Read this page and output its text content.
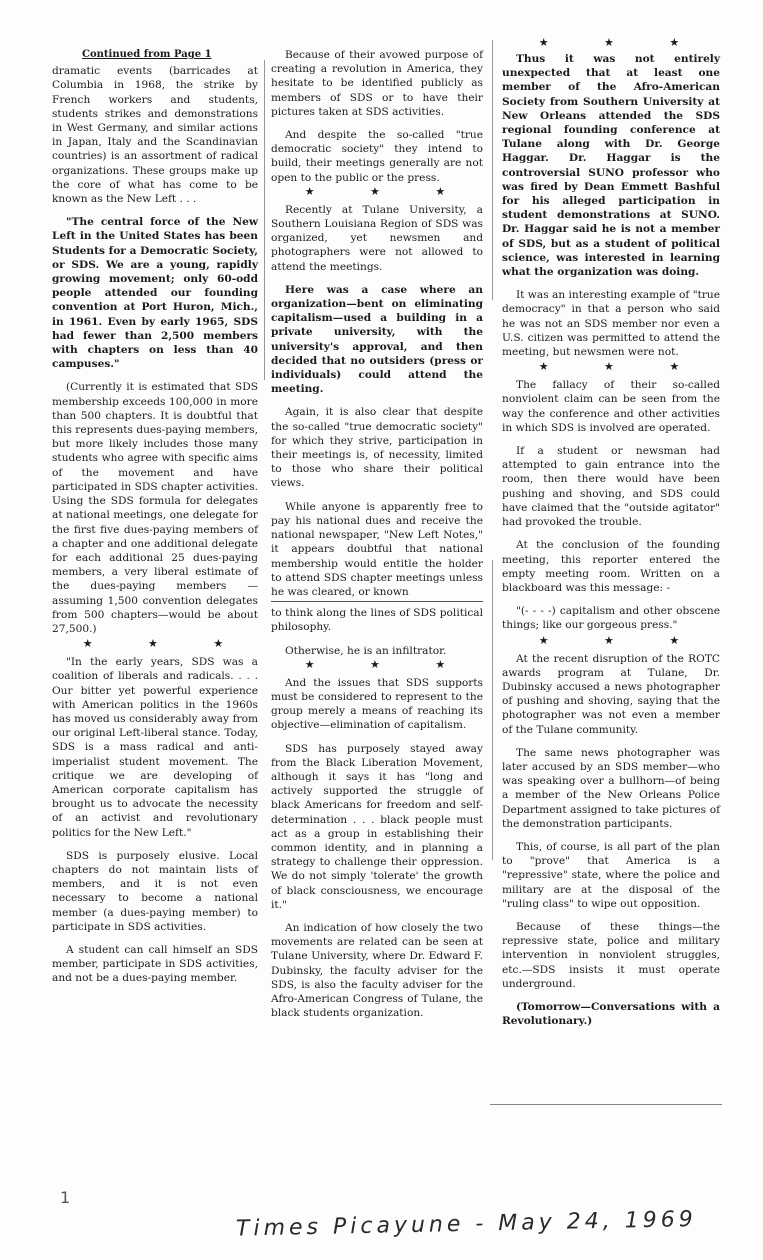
Continued from Page 1

dramatic events (barricades at Columbia in 1968, the strike by French workers and students, students strikes and demonstrations in West Germany, and similar actions in Japan, Italy and the Scandinavian countries) is an assortment of radical organizations. These groups make up the core of what has come to be known as the New Left . . .

"The central force of the New Left in the United States has been Students for a Democratic Society, or SDS. We are a young, rapidly growing movement; only 60-odd people attended our founding convention at Port Huron, Mich., in 1961. Even by early 1965, SDS had fewer than 2,500 members with chapters on less than 40 campuses."

(Currently it is estimated that SDS membership exceeds 100,000 in more than 500 chapters. It is doubtful that this represents dues-paying members, but more likely includes those many students who agree with specific aims of the movement and have participated in SDS chapter activities. Using the SDS formula for delegates at national meetings, one delegate for the first five dues-paying members of a chapter and one additional delegate for each additional 25 dues-paying members, a very liberal estimate of the dues-paying members — assuming 1,500 convention delegates from 500 chapters—would be about 27,500.)

★ ★ ★

"In the early years, SDS was a coalition of liberals and radicals. . . . Our bitter yet powerful experience with American politics in the 1960s has moved us considerably away from our original Left-liberal stance. Today, SDS is a mass radical and anti-imperialist student movement. The critique we are developing of American corporate capitalism has brought us to advocate the necessity of an activist and revolutionary politics for the New Left."

SDS is purposely elusive. Local chapters do not maintain lists of members, and it is not even necessary to become a national member (a dues-paying member) to participate in SDS activities.

A student can call himself an SDS member, participate in SDS activities, and not be a dues-paying member.

Because of their avowed purpose of creating a revolution in America, they hesitate to be identified publicly as members of SDS or to have their pictures taken at SDS activities.

And despite the so-called "true democratic society" they intend to build, their meetings generally are not open to the public or the press.

★ ★ ★

Recently at Tulane University, a Southern Louisiana Region of SDS was organized, yet newsmen and photographers were not allowed to attend the meetings.

Here was a case where an organization—bent on eliminating capitalism—used a building in a private university, with the university's approval, and then decided that no outsiders (press or individuals) could attend the meeting.

Again, it is also clear that despite the so-called "true democratic society" for which they strive, participation in their meetings is, of necessity, limited to those who share their political views.

While anyone is apparently free to pay his national dues and receive the national newspaper, "New Left Notes," it appears doubtful that national membership would entitle the holder to attend SDS chapter meetings unless he was cleared, or known

to think along the lines of SDS political philosophy.

Otherwise, he is an infiltrator.

★ ★ ★

And the issues that SDS supports must be considered to represent to the group merely a means of reaching its objective—elimination of capitalism.

SDS has purposely stayed away from the Black Liberation Movement, although it says it has "long and actively supported the struggle of black Americans for freedom and self-determination . . . black people must act as a group in establishing their common identity, and in planning a strategy to challenge their oppression. We do not simply 'tolerate' the growth of black consciousness, we encourage it."

An indication of how closely the two movements are related can be seen at Tulane University, where Dr. Edward F. Dubinsky, the faculty adviser for the SDS, is also the faculty adviser for the Afro-American Congress of Tulane, the black students organization.

★ ★ ★

Thus it was not entirely unexpected that at least one member of the Afro-American Society from Southern University at New Orleans attended the SDS regional founding conference at Tulane along with Dr. George Haggar. Dr. Haggar is the controversial SUNO professor who was fired by Dean Emmett Bashful for his alleged participation in student demonstrations at SUNO. Dr. Haggar said he is not a member of SDS, but as a student of political science, was interested in learning what the organization was doing.

It was an interesting example of "true democracy" in that a person who said he was not an SDS member nor even a U.S. citizen was permitted to attend the meeting, but newsmen were not.

★ ★ ★

The fallacy of their so-called nonviolent claim can be seen from the way the conference and other activities in which SDS is involved are operated.

If a student or newsman had attempted to gain entrance into the room, then there would have been pushing and shoving, and SDS could have claimed that the "outside agitator" had provoked the trouble.

At the conclusion of the founding meeting, this reporter entered the empty meeting room. Written on a blackboard was this message: -

"(- - - -) capitalism and other obscene things; like our gorgeous press."

★ ★ ★

At the recent disruption of the ROTC awards program at Tulane, Dr. Dubinsky accused a news photographer of pushing and shoving, saying that the photographer was not even a member of the Tulane community.

The same news photographer was later accused by an SDS member—who was speaking over a bullhorn—of being a member of the New Orleans Police Department assigned to take pictures of the demonstration participants.

This, of course, is all part of the plan to "prove" that America is a "repressive" state, where the police and military are at the disposal of the "ruling class" to wipe out opposition.

Because of these things—the repressive state, police and military intervention in nonviolent struggles, etc.—SDS insists it must operate underground.

(Tomorrow—Conversations with a Revolutionary.)

1
Times Picayune - May 24, 1969
